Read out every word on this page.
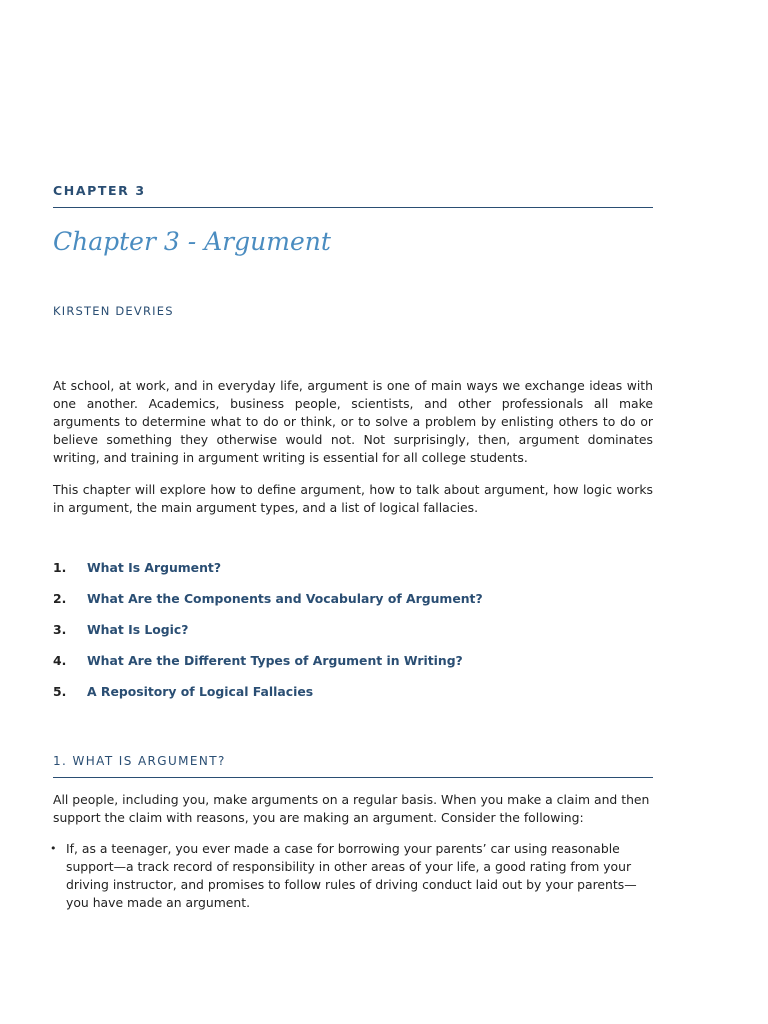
CHAPTER 3
Chapter 3 - Argument
KIRSTEN DEVRIES

At school, at work, and in everyday life, argument is one of main ways we exchange ideas with one another. Academics, business people, scientists, and other professionals all make arguments to determine what to do or think, or to solve a problem by enlisting others to do or believe something they otherwise would not. Not surprisingly, then, argument dominates writing, and training in argument writing is essential for all college students.

This chapter will explore how to define argument, how to talk about argument, how logic works in argument, the main argument types, and a list of logical fallacies.

1.	What Is Argument?
2.	What Are the Components and Vocabulary of Argument?
3.	What Is Logic?
4.	What Are the Different Types of Argument in Writing?
5.	A Repository of Logical Fallacies
1. WHAT IS ARGUMENT?

All people, including you, make arguments on a regular basis. When you make a claim and then support the claim with reasons, you are making an argument. Consider the following:

• If, as a teenager, you ever made a case for borrowing your parents’ car using reasonable support—a track record of responsibility in other areas of your life, a good rating from your driving instructor, and promises to follow rules of driving conduct laid out by your parents—you have made an argument.
